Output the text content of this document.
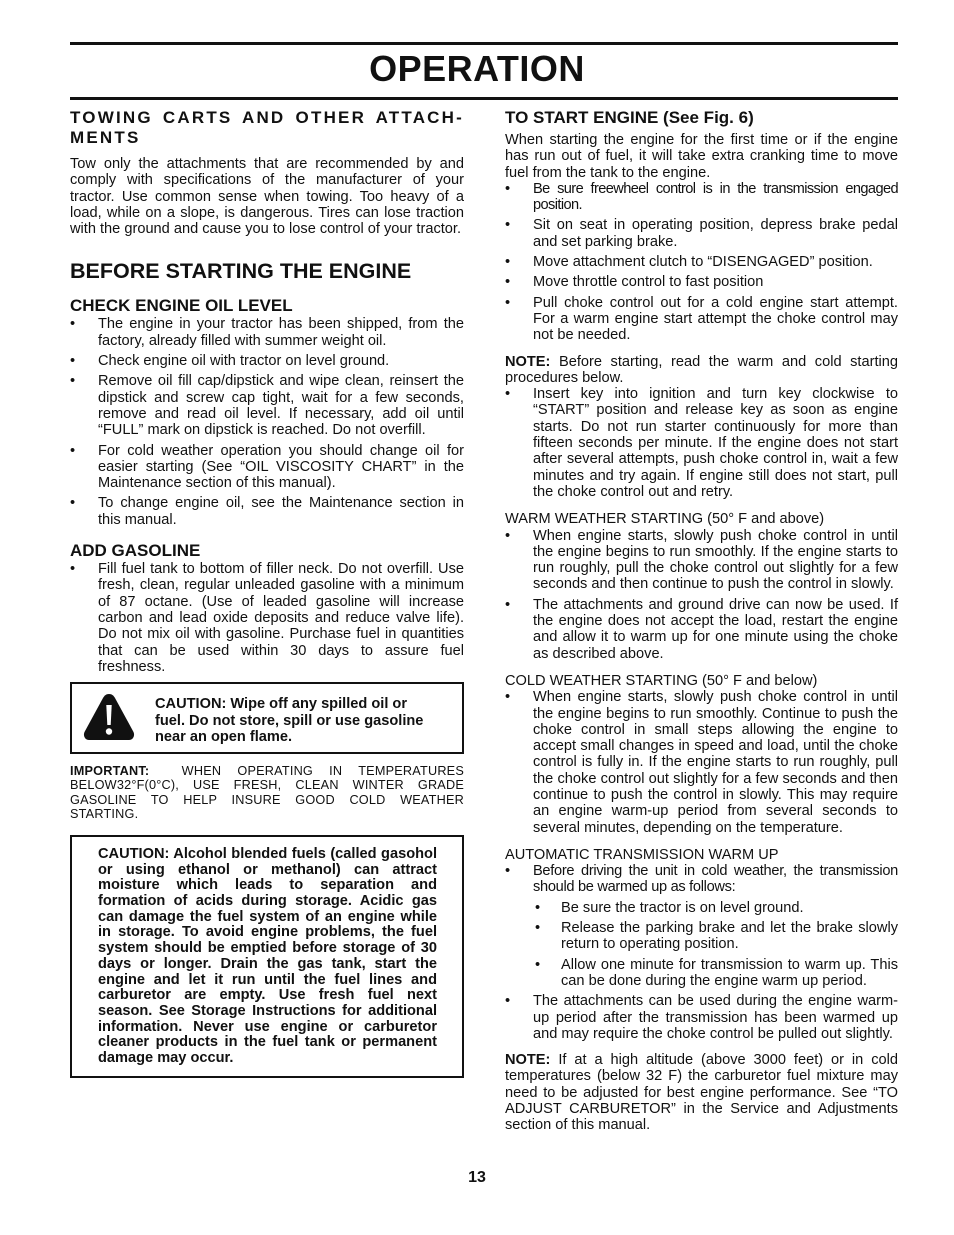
OPERATION
TOWING CARTS AND OTHER ATTACH-MENTS

Tow only the attachments that are recommended by and comply with specifications of the manufacturer of your tractor. Use common sense when towing. Too heavy of a load, while on a slope, is dangerous. Tires can lose traction with the ground and cause you to lose control of your tractor.

BEFORE STARTING THE ENGINE
CHECK ENGINE OIL LEVEL
• The engine in your tractor has been shipped, from the factory, already filled with summer weight oil.
• Check engine oil with tractor on level ground.
• Remove oil fill cap/dipstick and wipe clean, reinsert the dipstick and screw cap tight, wait for a few seconds, remove and read oil level. If necessary, add oil until “FULL” mark on dipstick is reached. Do not overfill.
• For cold weather operation you should change oil for easier starting (See “OIL VISCOSITY CHART” in the Maintenance section of this manual).
• To change engine oil, see the Maintenance section in this manual.
ADD GASOLINE
• Fill fuel tank to bottom of filler neck. Do not overfill. Use fresh, clean, regular unleaded gasoline with a minimum of 87 octane. (Use of leaded gasoline will increase carbon and lead oxide deposits and reduce valve life). Do not mix oil with gasoline. Purchase fuel in quantities that can be used within 30 days to assure fuel freshness.
CAUTION: Wipe off any spilled oil or fuel. Do not store, spill or use gasoline near an open flame.

IMPORTANT:	WHEN OPERATING IN TEMPERATURES BELOW32°F(0°C), USE FRESH, CLEAN WINTER GRADE GASOLINE TO HELP INSURE GOOD COLD WEATHER STARTING.

CAUTION: Alcohol blended fuels (called gasohol or using ethanol or methanol) can attract moisture which leads to separation and formation of acids during storage. Acidic gas can damage the fuel system of an engine while in storage. To avoid engine problems, the fuel system should be emptied before storage of 30 days or longer. Drain the gas tank, start the engine and let it run until the fuel lines and carburetor are empty. Use fresh fuel next season. See Storage Instructions for additional information. Never use engine or carburetor cleaner products in the fuel tank or permanent damage may occur.
TO START ENGINE (See Fig. 6)

When starting the engine for the first time or if the engine has run out of fuel, it will take extra cranking time to move fuel from the tank to the engine.

• Be sure freewheel control is in the transmission engaged position.
• Sit on seat in operating position, depress brake pedal and set parking brake.
• Move attachment clutch to “DISENGAGED” position.
• Move throttle control to fast position
• Pull choke control out for a cold engine start attempt. For a warm engine start attempt the choke control may not be needed.

NOTE: Before starting, read the warm and cold starting procedures below.

• Insert key into ignition and turn key clockwise to “START” position and release key as soon as engine starts. Do not run starter continuously for more than fifteen seconds per minute. If the engine does not start after several attempts, push choke control in, wait a few minutes and try again. If engine still does not start, pull the choke control out and retry.

WARM WEATHER STARTING (50° F and above)

• When engine starts, slowly push choke control in until the engine begins to run smoothly. If the engine starts to run roughly, pull the choke control out slightly for a few seconds and then continue to push the control in slowly.
• The attachments and ground drive can now be used. If the engine does not accept the load, restart the engine and allow it to warm up for one minute using the choke as described above.

COLD WEATHER STARTING (50° F and below)

• When engine starts, slowly push choke control in until the engine begins to run smoothly. Continue to push the choke control in small steps allowing the engine to accept small changes in speed and load, until the choke control is fully in. If the engine starts to run roughly, pull the choke control out slightly for a few seconds and then continue to push the control in slowly. This may require an engine warm-up period from several seconds to several minutes, depending on the temperature.

AUTOMATIC TRANSMISSION WARM UP

• Before driving the unit in cold weather, the transmission should be warmed up as follows:
• Be sure the tractor is on level ground.
• Release the parking brake and let the brake slowly return to operating position.
• Allow one minute for transmission to warm up. This can be done during the engine warm up period.
• The attachments can be used during the engine warm-up period after the transmission has been warmed up and may require the choke control be pulled out slightly.

NOTE: If at a high altitude (above 3000 feet) or in cold temperatures (below 32 F) the carburetor fuel mixture may need to be adjusted for best engine performance. See “TO ADJUST CARBURETOR” in the Service and Adjustments section of this manual.

13
